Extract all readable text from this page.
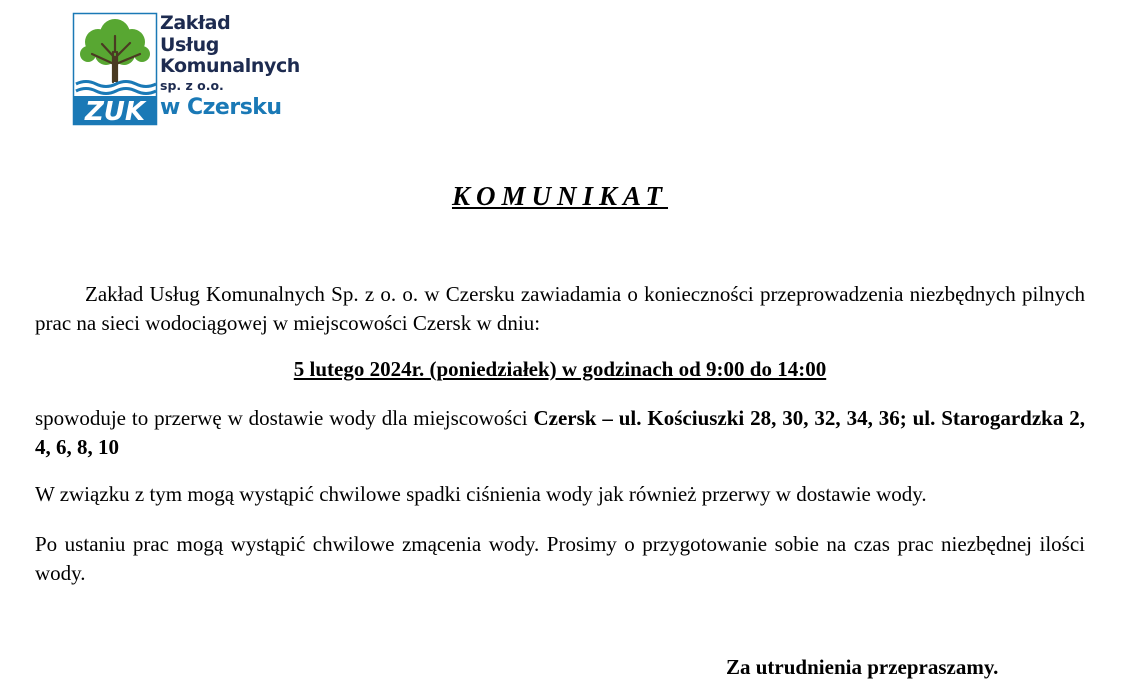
ZUK
Zakład
Usług
Komunalnych
sp. z o.o.
w Czersku
KOMUNIKAT

Zakład Usług Komunalnych Sp. z o. o. w Czersku zawiadamia o konieczności przeprowadzenia niezbędnych pilnych prac na sieci wodociągowej w miejscowości Czersk w dniu:

5 lutego 2024r. (poniedziałek) w godzinach od 9:00 do 14:00

spowoduje to przerwę w dostawie wody dla miejscowości Czersk – ul. Kościuszki 28, 30, 32, 34, 36; ul. Starogardzka 2, 4, 6, 8, 10

W związku z tym mogą wystąpić chwilowe spadki ciśnienia wody jak również przerwy w dostawie wody.

Po ustaniu prac mogą wystąpić chwilowe zmącenia wody. Prosimy o przygotowanie sobie na czas prac niezbędnej ilości wody.

Za utrudnienia przepraszamy.
